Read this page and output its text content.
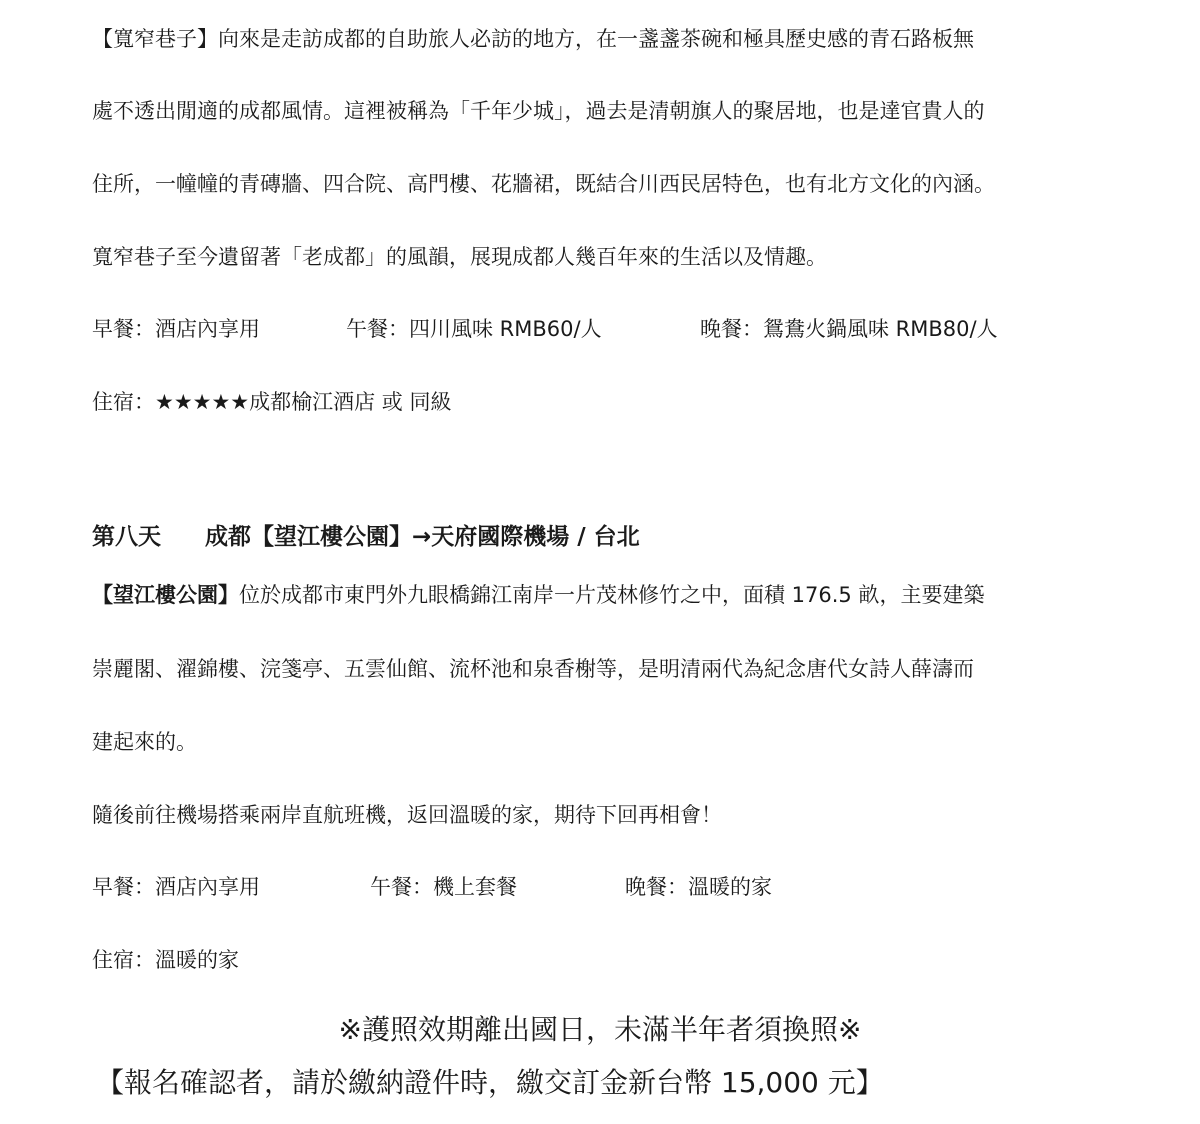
【寬窄巷子】向來是走訪成都的自助旅人必訪的地方，在一盞盞茶碗和極具歷史感的青石路板無
處不透出閒適的成都風情。這裡被稱為「千年少城」，過去是清朝旗人的聚居地，也是達官貴人的
住所，一幢幢的青磚牆、四合院、高門樓、花牆裙，既結合川西民居特色，也有北方文化的內涵。
寬窄巷子至今遺留著「老成都」的風韻，展現成都人幾百年來的生活以及情趣。
早餐：酒店內享用	午餐：四川風味 RMB60/人	晚餐：鴛鴦火鍋風味 RMB80/人
住宿：★★★★★成都榆江酒店 或 同級
第八天 成都【望江樓公園】→天府國際機場 / 台北
【望江樓公園】位於成都市東門外九眼橋錦江南岸一片茂林修竹之中，面積 176.5 畝，主要建築
崇麗閣、濯錦樓、浣箋亭、五雲仙館、流杯池和泉香榭等，是明清兩代為紀念唐代女詩人薛濤而
建起來的。
隨後前往機場搭乘兩岸直航班機，返回溫暖的家，期待下回再相會！
早餐：酒店內享用	午餐：機上套餐	晚餐：溫暖的家
住宿：溫暖的家
※護照效期離出國日，未滿半年者須換照※
【報名確認者，請於繳納證件時，繳交訂金新台幣 15,000 元】
